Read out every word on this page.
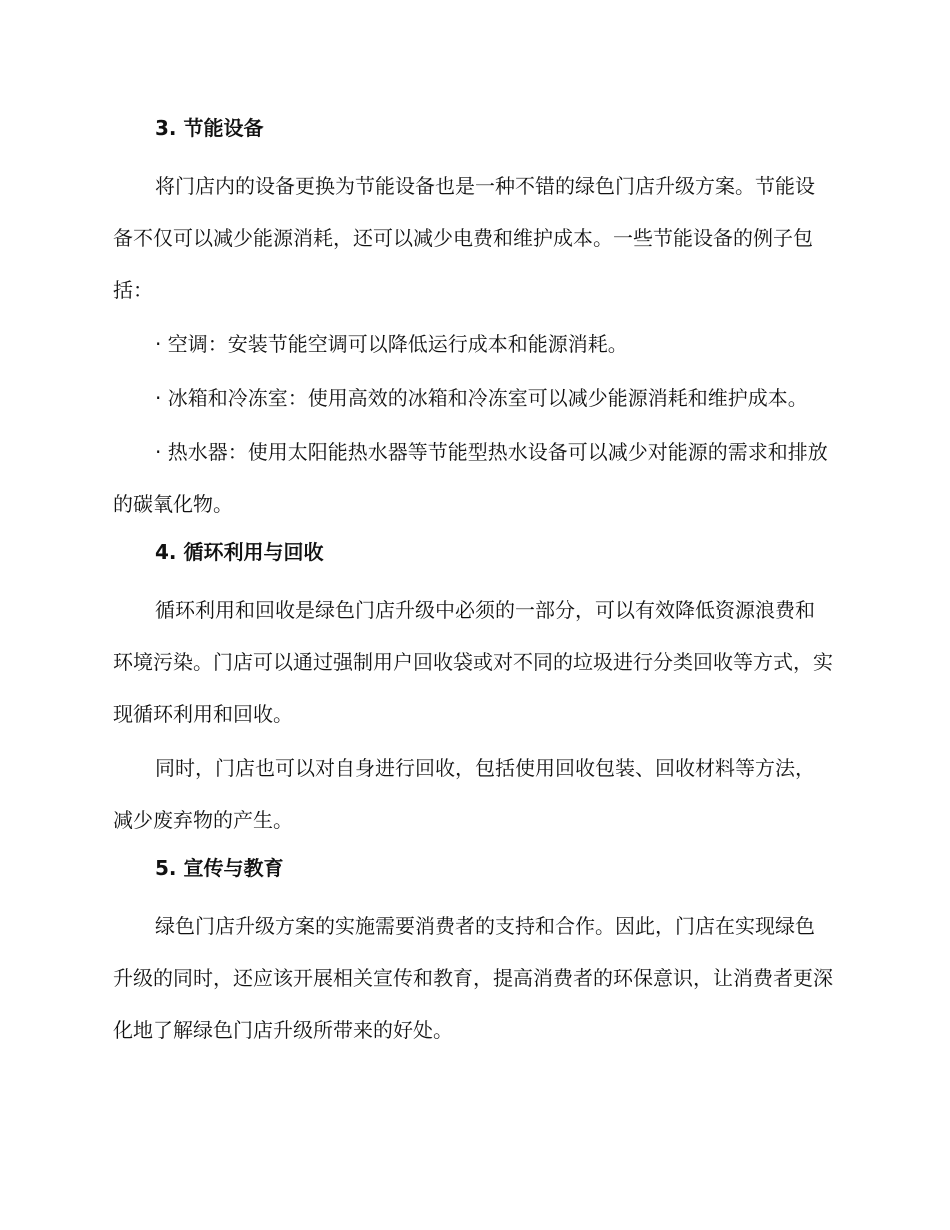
3. 节能设备

将门店内的设备更换为节能设备也是一种不错的绿色门店升级方案。节能设备不仅可以减少能源消耗，还可以减少电费和维护成本。一些节能设备的例子包括：

· 空调：安装节能空调可以降低运行成本和能源消耗。

· 冰箱和冷冻室：使用高效的冰箱和冷冻室可以减少能源消耗和维护成本。

· 热水器：使用太阳能热水器等节能型热水设备可以减少对能源的需求和排放的碳氧化物。

4. 循环利用与回收

循环利用和回收是绿色门店升级中必须的一部分，可以有效降低资源浪费和环境污染。门店可以通过强制用户回收袋或对不同的垃圾进行分类回收等方式，实现循环利用和回收。

同时，门店也可以对自身进行回收，包括使用回收包装、回收材料等方法，减少废弃物的产生。

5. 宣传与教育

绿色门店升级方案的实施需要消费者的支持和合作。因此，门店在实现绿色升级的同时，还应该开展相关宣传和教育，提高消费者的环保意识，让消费者更深化地了解绿色门店升级所带来的好处。
